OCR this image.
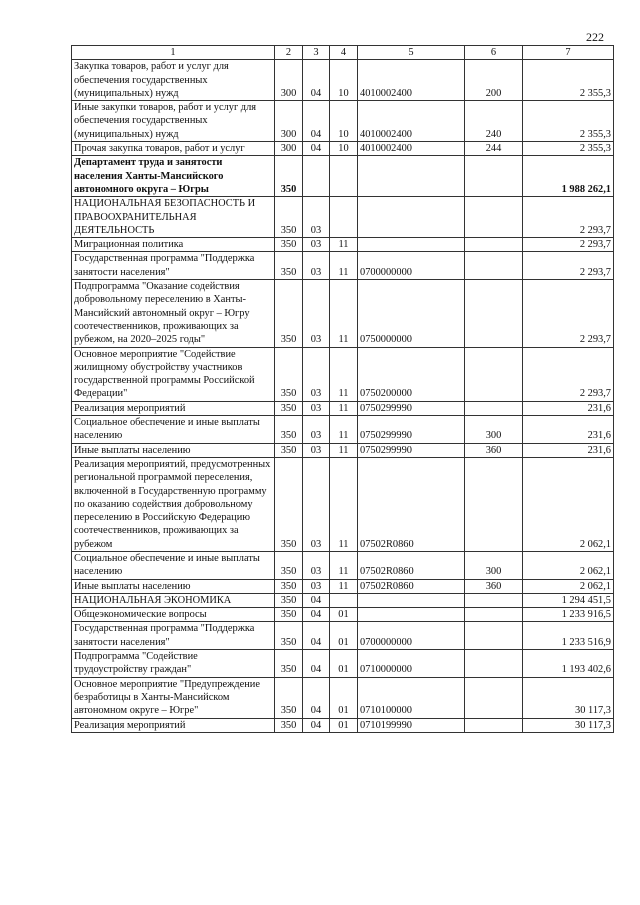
222
1	2	3	4	5	6	7
Закупка товаров, работ и услуг для обеспечения государственных (муниципальных) нужд	300	04	10	4010002400	200	2 355,3
Иные закупки товаров, работ и услуг для обеспечения государственных (муниципальных) нужд	300	04	10	4010002400	240	2 355,3
Прочая закупка товаров, работ и услуг	300	04	10	4010002400	244	2 355,3
Департамент труда и занятости населения Ханты-Мансийского автономного округа – Югры	350					1 988 262,1
НАЦИОНАЛЬНАЯ БЕЗОПАСНОСТЬ И ПРАВООХРАНИТЕЛЬНАЯ ДЕЯТЕЛЬНОСТЬ	350	03				2 293,7
Миграционная политика	350	03	11			2 293,7
Государственная программа "Поддержка занятости населения"	350	03	11	0700000000		2 293,7
Подпрограмма "Оказание содействия добровольному переселению в Ханты-Мансийский автономный округ – Югру соотечественников, проживающих за рубежом, на 2020–2025 годы"	350	03	11	0750000000		2 293,7
Основное мероприятие "Содействие жилищному обустройству участников государственной программы Российской Федерации"	350	03	11	0750200000		2 293,7
Реализация мероприятий	350	03	11	0750299990		231,6
Социальное обеспечение и иные выплаты населению	350	03	11	0750299990	300	231,6
Иные выплаты населению	350	03	11	0750299990	360	231,6
Реализация мероприятий, предусмотренных региональной программой переселения, включенной в Государственную программу по оказанию содействия добровольному переселению в Российскую Федерацию соотечественников, проживающих за рубежом	350	03	11	07502R0860		2 062,1
Социальное обеспечение и иные выплаты населению	350	03	11	07502R0860	300	2 062,1
Иные выплаты населению	350	03	11	07502R0860	360	2 062,1
НАЦИОНАЛЬНАЯ ЭКОНОМИКА	350	04				1 294 451,5
Общеэкономические вопросы	350	04	01			1 233 916,5
Государственная программа "Поддержка занятости населения"	350	04	01	0700000000		1 233 516,9
Подпрограмма "Содействие трудоустройству граждан"	350	04	01	0710000000		1 193 402,6
Основное мероприятие "Предупреждение безработицы в Ханты-Мансийском автономном округе – Югре"	350	04	01	0710100000		30 117,3
Реализация мероприятий	350	04	01	0710199990		30 117,3
